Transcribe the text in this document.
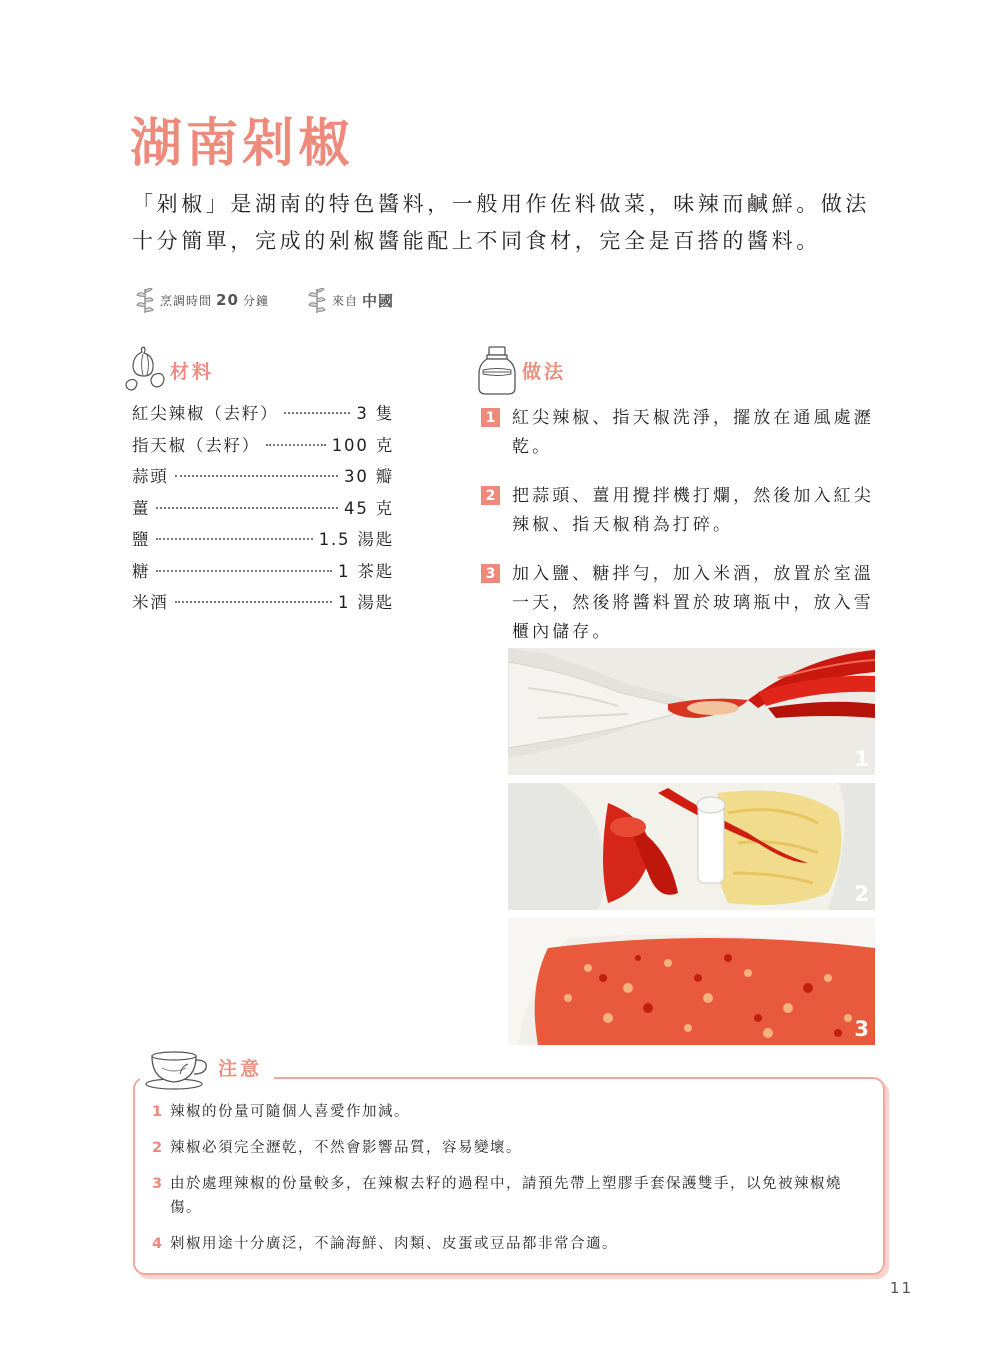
湖南剁椒

「剁椒」是湖南的特色醬料，一般用作佐料做菜，味辣而鹹鮮。做法十分簡單，完成的剁椒醬能配上不同食材，完全是百搭的醬料。

烹調時間 20 分鐘	來自 中國
材料
紅尖辣椒（去籽）	3 隻
指天椒（去籽）	100 克
蒜頭	30 瓣
薑	45 克
鹽	1.5 湯匙
糖	1 茶匙
米酒	1 湯匙
做法
1 紅尖辣椒、指天椒洗淨，擺放在通風處瀝乾。
2 把蒜頭、薑用攪拌機打爛，然後加入紅尖辣椒、指天椒稍為打碎。
3 加入鹽、糖拌勻，加入米酒，放置於室溫一天，然後將醬料置於玻璃瓶中，放入雪櫃內儲存。
1
2
3
注意
1 辣椒的份量可隨個人喜愛作加減。
2 辣椒必須完全瀝乾，不然會影響品質，容易變壞。
3 由於處理辣椒的份量較多，在辣椒去籽的過程中，請預先帶上塑膠手套保護雙手，以免被辣椒燒傷。
4 剁椒用途十分廣泛，不論海鮮、肉類、皮蛋或豆品都非常合適。
11
